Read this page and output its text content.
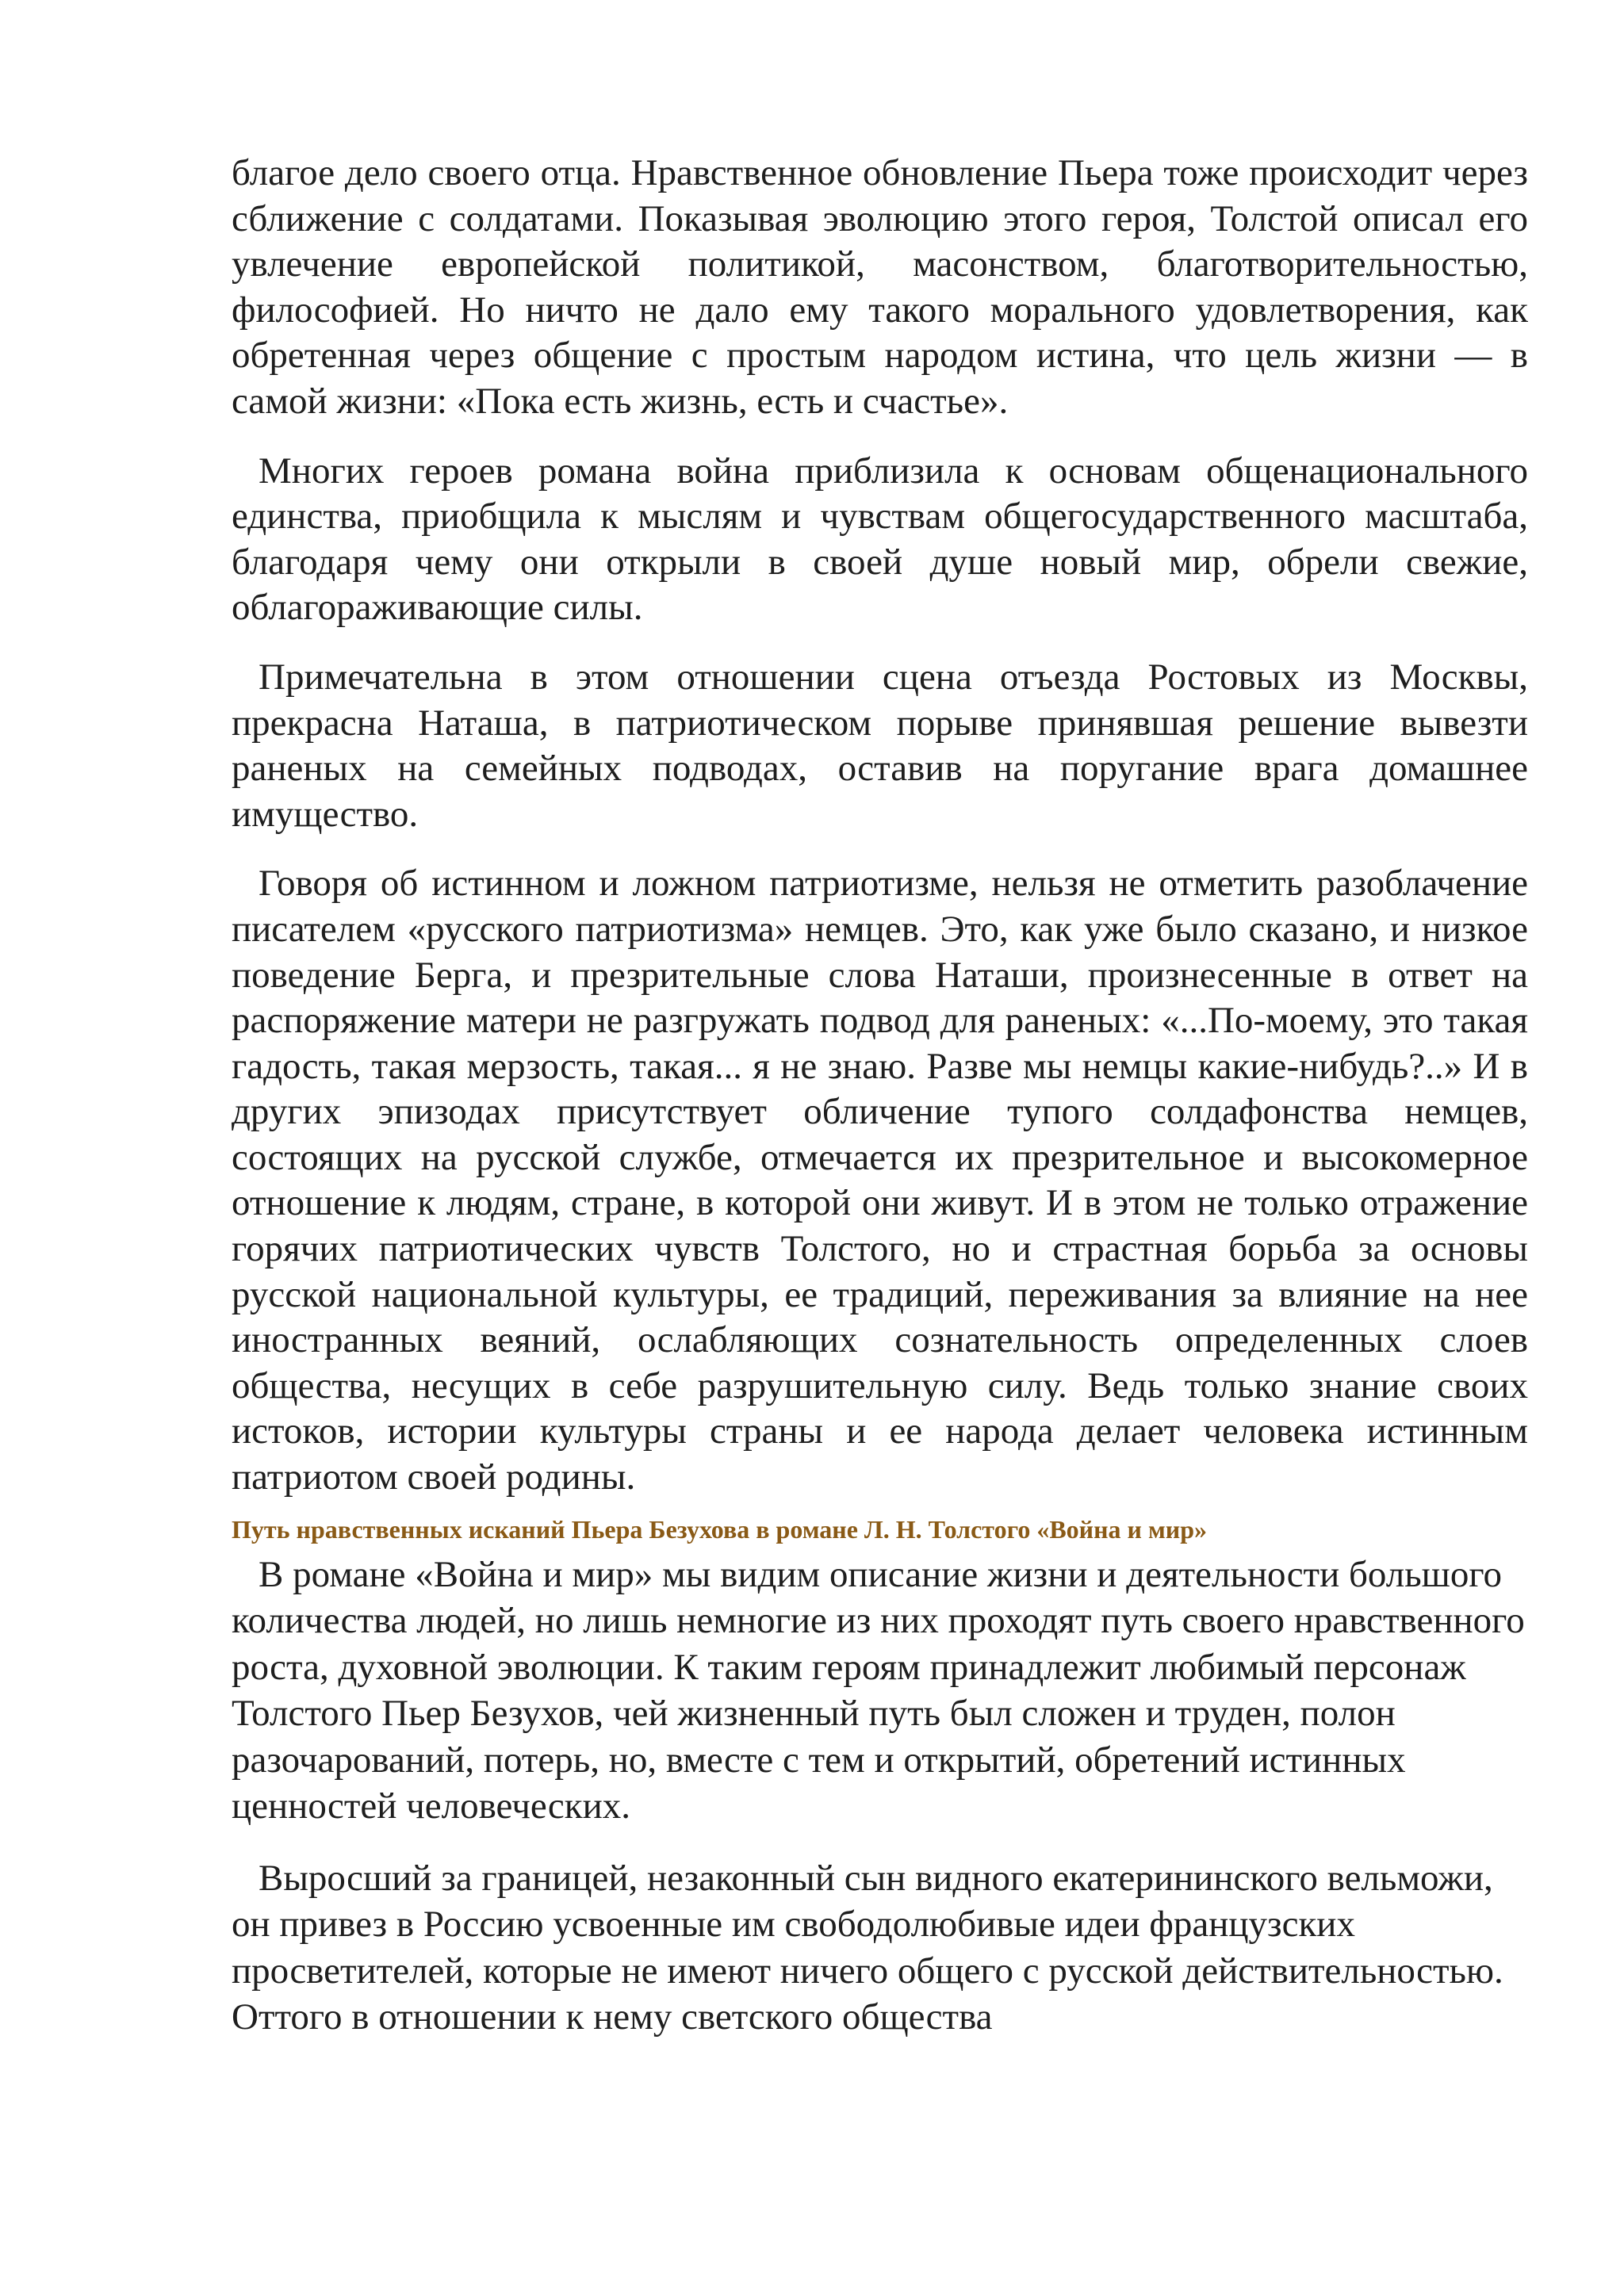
благое дело своего отца. Нравственное обновление Пьера тоже происходит через сближение с солдатами. Показывая эволюцию этого героя, Толстой описал его увлечение европейской политикой, масонством, благотворительностью, философией. Но ничто не дало ему такого морального удовлетворения, как обретенная через общение с простым народом истина, что цель жизни — в самой жизни: «Пока есть жизнь, есть и счастье».

Многих героев романа война приблизила к основам общенационального единства, приобщила к мыслям и чувствам общегосударственного масштаба, благодаря чему они открыли в своей душе новый мир, обрели свежие, облагораживающие силы.

Примечательна в этом отношении сцена отъезда Ростовых из Москвы, прекрасна Наташа, в патриотическом порыве принявшая решение вывезти раненых на семейных подводах, оставив на поругание врага домашнее имущество.

Говоря об истинном и ложном патриотизме, нельзя не отметить разоблачение писателем «русского патриотизма» немцев. Это, как уже было сказано, и низкое поведение Берга, и презрительные слова Наташи, произнесенные в ответ на распоряжение матери не разгружать подвод для раненых: «...По-моему, это такая гадость, такая мерзость, такая... я не знаю. Разве мы немцы какие-нибудь?..» И в других эпизодах присутствует обличение тупого солдафонства немцев, состоящих на русской службе, отмечается их презрительное и высокомерное отношение к людям, стране, в которой они живут. И в этом не только отражение горячих патриотических чувств Толстого, но и страстная борьба за основы русской национальной культуры, ее традиций, переживания за влияние на нее иностранных веяний, ослабляющих сознательность определенных слоев общества, несущих в себе разрушительную силу. Ведь только знание своих истоков, истории культуры страны и ее народа делает человека истинным патриотом своей родины.

Путь нравственных исканий Пьера Безухова в романе Л. Н. Толстого «Война и мир»

В романе «Война и мир» мы видим описание жизни и деятельности большого количества людей, но лишь немногие из них проходят путь своего нравственного роста, духовной эволюции. К таким героям принадлежит любимый персонаж Толстого Пьер Безухов, чей жизненный путь был сложен и труден, полон разочарований, потерь, но, вместе с тем и открытий, обретений истинных ценностей человеческих.

Выросший за границей, незаконный сын видного екатерининского вельможи, он привез в Россию усвоенные им свободолюбивые идеи французских просветителей, которые не имеют ничего общего с русской действительностью. Оттого в отношении к нему светского общества
